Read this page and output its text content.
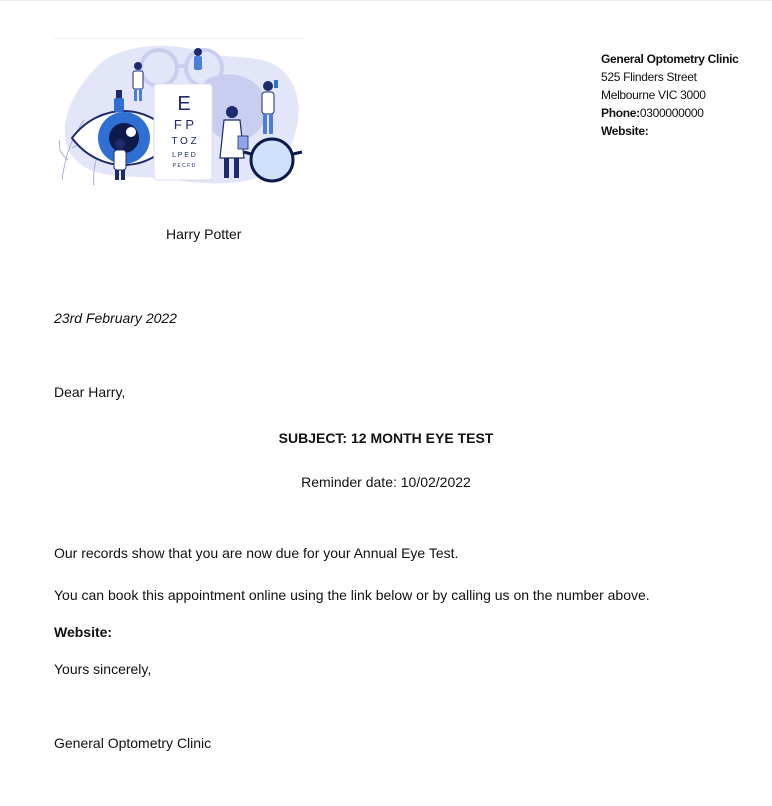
E
F P
T O Z
L P E D
P E C F D
General Optometry Clinic
525 Flinders Street
Melbourne VIC 3000
Phone:0300000000
Website:
Harry Potter
23rd February 2022
Dear Harry,
SUBJECT: 12 MONTH EYE TEST
Reminder date: 10/02/2022
Our records show that you are now due for your Annual Eye Test.
You can book this appointment online using the link below or by calling us on the number above.
Website:
Yours sincerely,
General Optometry Clinic
